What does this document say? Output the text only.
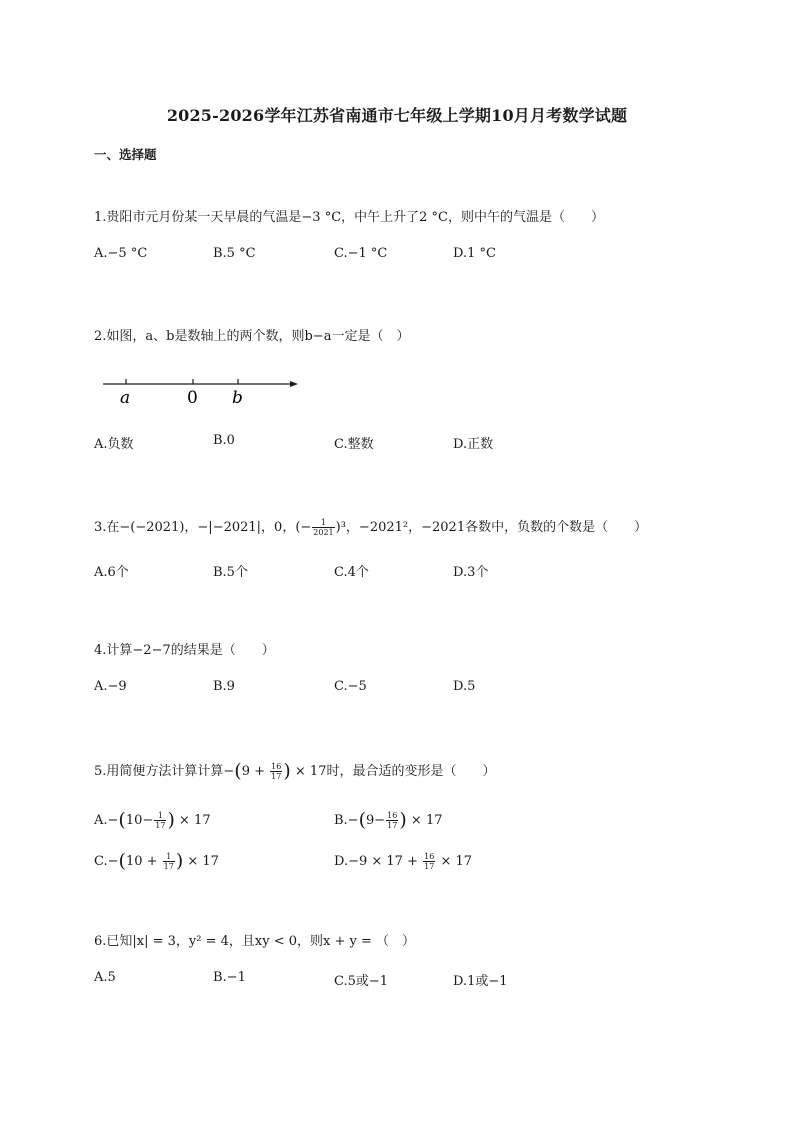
2025-2026学年江苏省南通市七年级上学期10月月考数学试题
一、选择题
1.贵阳市元月份某一天早晨的气温是−3 °C，中午上升了2 °C，则中午的气温是（　　）
A.−5 °C	B.5 °C	C.−1 °C	D.1 °C
2.如图，a、b是数轴上的两个数，则b−a一定是（　）
a	0 b
A.负数	B.0	C.整数	D.正数
3.在−(−2021)，−|−2021|，0，(− $\frac{1}{2021} )^3$，−2021²，−2021各数中，负数的个数是（　　）
A.6个	B.5个	C.4个	D.3个
4.计算−2−7的结果是（　　）
A.−9	B.9	C.−5	D.5
5.用简便方法计算计算$-(9 + \frac{16}{17}$ ) × 17时，最合适的变形是（　　）
$A.-(10- \frac{1}{17}$ ) × 17	$B.-(9- \frac{16}{17}$ ) × 17
$C.-(10 + \frac{1}{17}$ ) × 17	$D.-9 \times 17 + \frac{16}{17} \times 17$
6.已知|x| = 3，y² = 4，且xy < 0，则x + y = （　）
A.5	B.−1	C.5或−1	D.1或−1
